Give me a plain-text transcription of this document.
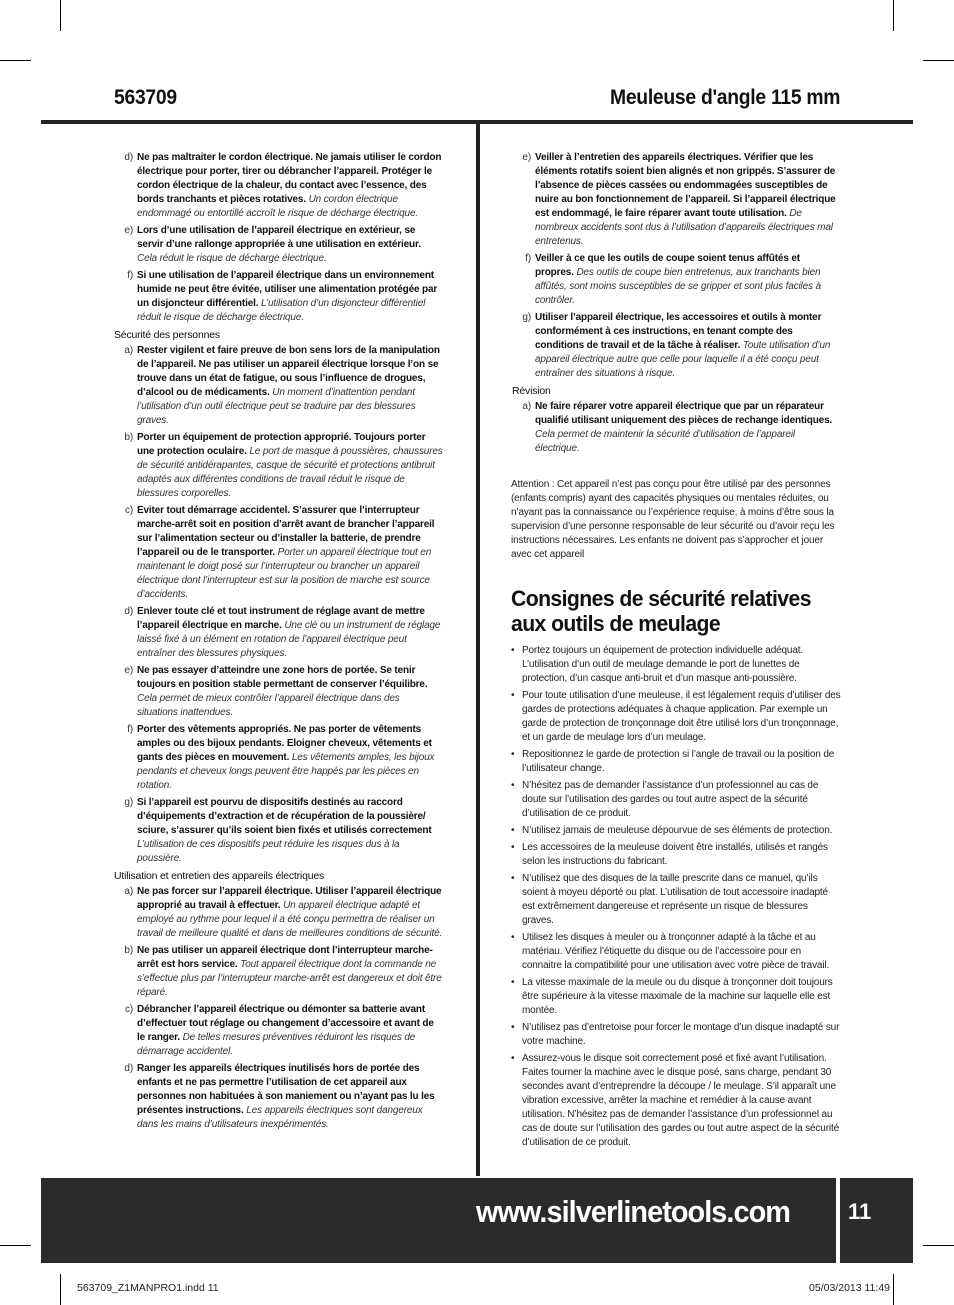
563709	Meuleuse d'angle 115 mm
d) Ne pas maltraiter le cordon électrique. Ne jamais utiliser le cordon électrique pour porter, tirer ou débrancher l’appareil. Protéger le cordon électrique de la chaleur, du contact avec l’essence, des bords tranchants et pièces rotatives. Un cordon électrique endommagé ou entortillé accroît le risque de décharge électrique.
e) Lors d’une utilisation de l’appareil électrique en extérieur, se servir d’une rallonge appropriée à une utilisation en extérieur. Cela réduit le risque de décharge électrique.
f) Si une utilisation de l’appareil électrique dans un environnement humide ne peut être évitée, utiliser une alimentation protégée par un disjoncteur différentiel. L’utilisation d’un disjoncteur différentiel réduit le risque de décharge électrique.
Sécurité des personnes
a) Rester vigilent et faire preuve de bon sens lors de la manipulation de l’appareil. Ne pas utiliser un appareil électrique lorsque l’on se trouve dans un état de fatigue, ou sous l’influence de drogues, d’alcool ou de médicaments. Un moment d’inattention pendant l’utilisation d’un outil électrique peut se traduire par des blessures graves.
b) Porter un équipement de protection approprié. Toujours porter une protection oculaire. Le port de masque à poussières, chaussures de sécurité antidérapantes, casque de sécurité et protections antibruit adaptés aux différentes conditions de travail réduit le risque de blessures corporelles.
c) Eviter tout démarrage accidentel. S’assurer que l’interrupteur marche-arrêt soit en position d’arrêt avant de brancher l’appareil sur l’alimentation secteur ou d’installer la batterie, de prendre l’appareil ou de le transporter. Porter un appareil électrique tout en maintenant le doigt posé sur l’interrupteur ou brancher un appareil électrique dont l’interrupteur est sur la position de marche est source d’accidents.
d) Enlever toute clé et tout instrument de réglage avant de mettre l’appareil électrique en marche. Une clé ou un instrument de réglage laissé fixé à un élément en rotation de l’appareil électrique peut entraîner des blessures physiques.
e) Ne pas essayer d’atteindre une zone hors de portée. Se tenir toujours en position stable permettant de conserver l’équilibre. Cela permet de mieux contrôler l’appareil électrique dans des situations inattendues.
f) Porter des vêtements appropriés. Ne pas porter de vêtements amples ou des bijoux pendants. Eloigner cheveux, vêtements et gants des pièces en mouvement. Les vêtements amples, les bijoux pendants et cheveux longs peuvent être happés par les pièces en rotation.
g) Si l’appareil est pourvu de dispositifs destinés au raccord d’équipements d’extraction et de récupération de la poussière/ sciure, s’assurer qu’ils soient bien fixés et utilisés correctement L’utilisation de ces dispositifs peut réduire les risques dus à la poussière.
Utilisation et entretien des appareils électriques
a) Ne pas forcer sur l’appareil électrique. Utiliser l’appareil électrique approprié au travail à effectuer. Un appareil électrique adapté et employé au rythme pour lequel il a été conçu permettra de réaliser un travail de meilleure qualité et dans de meilleures conditions de sécurité.
b) Ne pas utiliser un appareil électrique dont l’interrupteur marche-arrêt est hors service. Tout appareil électrique dont la commande ne s’effectue plus par l’interrupteur marche-arrêt est dangereux et doit être réparé.
c) Débrancher l’appareil électrique ou démonter sa batterie avant d’effectuer tout réglage ou changement d’accessoire et avant de le ranger. De telles mesures préventives réduiront les risques de démarrage accidentel.
d) Ranger les appareils électriques inutilisés hors de portée des enfants et ne pas permettre l’utilisation de cet appareil aux personnes non habituées à son maniement ou n’ayant pas lu les présentes instructions. Les appareils électriques sont dangereux dans les mains d’utilisateurs inexpérimentés.
e) Veiller à l’entretien des appareils électriques. Vérifier que les éléments rotatifs soient bien alignés et non grippés. S’assurer de l’absence de pièces cassées ou endommagées susceptibles de nuire au bon fonctionnement de l’appareil. Si l’appareil électrique est endommagé, le faire réparer avant toute utilisation. De nombreux accidents sont dus à l’utilisation d’appareils électriques mal entretenus.
f) Veiller à ce que les outils de coupe soient tenus affûtés et propres. Des outils de coupe bien entretenus, aux tranchants bien affûtés, sont moins susceptibles de se gripper et sont plus faciles à contrôler.
g) Utiliser l’appareil électrique, les accessoires et outils à monter conformément à ces instructions, en tenant compte des conditions de travail et de la tâche à réaliser. Toute utilisation d’un appareil électrique autre que celle pour laquelle il a été conçu peut entraîner des situations à risque.
Révision
a) Ne faire réparer votre appareil électrique que par un réparateur qualifié utilisant uniquement des pièces de rechange identiques. Cela permet de maintenir la sécurité d’utilisation de l’appareil électrique.
Attention : Cet appareil n’est pas conçu pour être utilisé par des personnes (enfants compris) ayant des capacités physiques ou mentales réduites, ou n’ayant pas la connaissance ou l’expérience requise, à moins d’être sous la supervision d’une personne responsable de leur sécurité ou d’avoir reçu les instructions nécessaires. Les enfants ne doivent pas s’approcher et jouer avec cet appareil
Consignes de sécurité relatives aux outils de meulage
• Portez toujours un équipement de protection individuelle adéquat. L’utilisation d’un outil de meulage demande le port de lunettes de protection, d’un casque anti-bruit et d’un masque anti-poussière.
• Pour toute utilisation d’une meuleuse, il est légalement requis d’utiliser des gardes de protections adéquates à chaque application. Par exemple un garde de protection de tronçonnage doit être utilisé lors d’un tronçonnage, et un garde de meulage lors d’un meulage.
• Repositionnez le garde de protection si l’angle de travail ou la position de l’utilisateur change.
• N’hésitez pas de demander l’assistance d’un professionnel au cas de doute sur l’utilisation des gardes ou tout autre aspect de la sécurité d’utilisation de ce produit.
• N’utilisez jamais de meuleuse dépourvue de ses éléments de protection.
• Les accessoires de la meuleuse doivent être installés, utilisés et rangés selon les instructions du fabricant.
• N’utilisez que des disques de la taille prescrite dans ce manuel, qu’ils soient à moyeu déporté ou plat. L’utilisation de tout accessoire inadapté est extrêmement dangereuse et représente un risque de blessures graves.
• Utilisez les disques à meuler ou à tronçonner adapté à la tâche et au matériau. Vérifiez l’étiquette du disque ou de l’accessoire pour en connaitre la compatibilité pour une utilisation avec votre pièce de travail.
• La vitesse maximale de la meule ou du disque à tronçonner doit toujours être supérieure à la vitesse maximale de la machine sur laquelle elle est montée.
• N’utilisez pas d’entretoise pour forcer le montage d’un disque inadapté sur votre machine.
• Assurez-vous le disque soit correctement posé et fixé avant l’utilisation. Faites tourner la machine avec le disque posé, sans charge, pendant 30 secondes avant d’entreprendre la découpe / le meulage. S’il apparaît une vibration excessive, arrêter la machine et remédier à la cause avant utilisation. N’hésitez pas de demander l’assistance d’un professionnel au cas de doute sur l’utilisation des gardes ou tout autre aspect de la sécurité d’utilisation de ce produit.
www.silverlinetools.com	11
563709_Z1MANPRO1.indd 11	05/03/2013 11:49
